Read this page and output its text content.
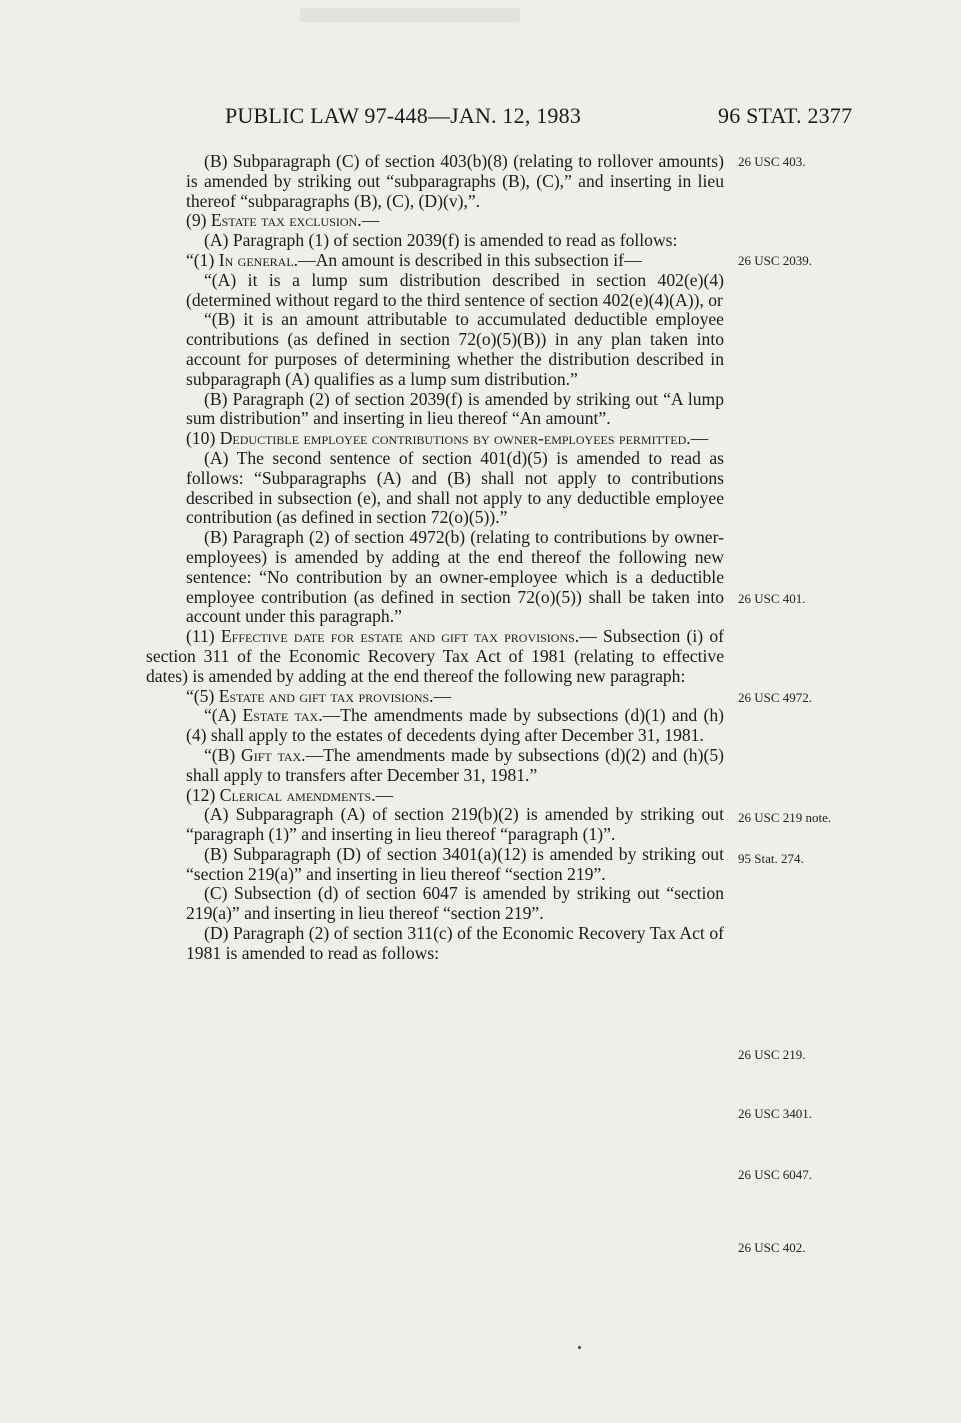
PUBLIC LAW 97-448—JAN. 12, 1983	96 STAT. 2377

(B) Subparagraph (C) of section 403(b)(8) (relating to rollover amounts) is amended by striking out “subparagraphs (B), (C),” and inserting in lieu thereof “subparagraphs (B), (C), (D)(v),”.

(9) Estate tax exclusion.—

(A) Paragraph (1) of section 2039(f) is amended to read as follows:

“(1) In general.—An amount is described in this subsection if—

“(A) it is a lump sum distribution described in section 402(e)(4) (determined without regard to the third sentence of section 402(e)(4)(A)), or

“(B) it is an amount attributable to accumulated deductible employee contributions (as defined in section 72(o)(5)(B)) in any plan taken into account for purposes of determining whether the distribution described in subparagraph (A) qualifies as a lump sum distribution.”

(B) Paragraph (2) of section 2039(f) is amended by striking out “A lump sum distribution” and inserting in lieu thereof “An amount”.

(10) Deductible employee contributions by owner-employees permitted.—

(A) The second sentence of section 401(d)(5) is amended to read as follows: “Subparagraphs (A) and (B) shall not apply to contributions described in subsection (e), and shall not apply to any deductible employee contribution (as defined in section 72(o)(5)).”

(B) Paragraph (2) of section 4972(b) (relating to contributions by owner-employees) is amended by adding at the end thereof the following new sentence: “No contribution by an owner-employee which is a deductible employee contribution (as defined in section 72(o)(5)) shall be taken into account under this paragraph.”

(11) Effective date for estate and gift tax provisions.— Subsection (i) of section 311 of the Economic Recovery Tax Act of 1981 (relating to effective dates) is amended by adding at the end thereof the following new paragraph:

“(5) Estate and gift tax provisions.—

“(A) Estate tax.—The amendments made by subsections (d)(1) and (h)(4) shall apply to the estates of decedents dying after December 31, 1981.

“(B) Gift tax.—The amendments made by subsections (d)(2) and (h)(5) shall apply to transfers after December 31, 1981.”

(12) Clerical amendments.—

(A) Subparagraph (A) of section 219(b)(2) is amended by striking out “paragraph (1)” and inserting in lieu thereof “paragraph (1)”.

(B) Subparagraph (D) of section 3401(a)(12) is amended by striking out “section 219(a)” and inserting in lieu thereof “section 219”.

(C) Subsection (d) of section 6047 is amended by striking out “section 219(a)” and inserting in lieu thereof “section 219”.

(D) Paragraph (2) of section 311(c) of the Economic Recovery Tax Act of 1981 is amended to read as follows:

26 USC 403.
26 USC 2039.
26 USC 401.
26 USC 4972.
26 USC 219 note.
95 Stat. 274.
26 USC 219.
26 USC 3401.
26 USC 6047.
26 USC 402.
